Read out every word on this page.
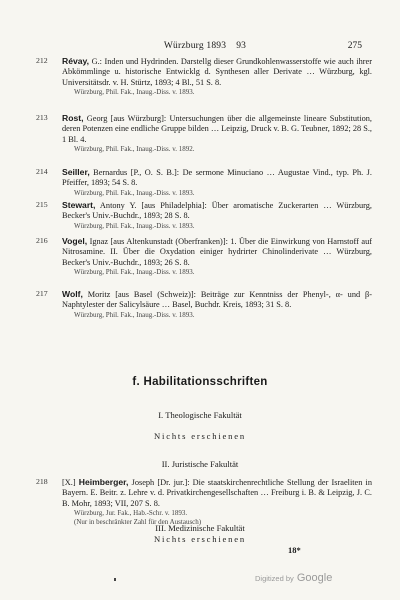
Würzburg 1893 93	275
212	Révay, G.: Inden und Hydrinden. Darstellg dieser Grundkohlenwasserstoffe wie auch ihrer Abkömmlinge u. historische Entwicklg d. Synthesen aller Derivate … Würzburg, kgl. Universitätsdr. v. H. Stürtz, 1893; 4 Bl., 51 S. 8.
Würzburg, Phil. Fak., Inaug.-Diss. v. 1893.
213	Rost, Georg [aus Würzburg]: Untersuchungen über die allgemeinste lineare Substitution, deren Potenzen eine endliche Gruppe bilden … Leipzig, Druck v. B. G. Teubner, 1892; 28 S., 1 Bl. 4.
Würzburg, Phil. Fak., Inaug.-Diss. v. 1892.
214	Seiller, Bernardus [P., O. S. B.]: De sermone Minuciano … Augustae Vind., typ. Ph. J. Pfeiffer, 1893; 54 S. 8.
Würzburg, Phil. Fak., Inaug.-Diss. v. 1893.
215	Stewart, Antony Y. [aus Philadelphia]: Über aromatische Zuckerarten … Würzburg, Becker's Univ.-Buchdr., 1893; 28 S. 8.
Würzburg, Phil. Fak., Inaug.-Diss. v. 1893.
216	Vogel, Ignaz [aus Altenkunstadt (Oberfranken)]: 1. Über die Einwirkung von Harnstoff auf Nitrosamine. II. Über die Oxydation einiger hydrirter Chinolinderivate … Würzburg, Becker's Univ.-Buchdr., 1893; 26 S. 8.
Würzburg, Phil. Fak., Inaug.-Diss. v. 1893.
217	Wolf, Moritz [aus Basel (Schweiz)]: Beiträge zur Kenntniss der Phenyl-, α- und β-Naphtylester der Salicylsäure … Basel, Buchdr. Kreis, 1893; 31 S. 8.
Würzburg, Phil. Fak., Inaug.-Diss. v. 1893.
f. Habilitationsschriften
I. Theologische Fakultät
Nichts erschienen
II. Juristische Fakultät
218	[X.] Heimberger, Joseph [Dr. jur.]: Die staatskirchenrechtliche Stellung der Israeliten in Bayern. E. Beitr. z. Lehre v. d. Privatkirchengesellschaften … Freiburg i. B. & Leipzig, J. C. B. Mohr, 1893; VII, 207 S. 8.
Würzburg, Jur. Fak., Hab.-Schr. v. 1893.
(Nur in beschränkter Zahl für den Austausch)
III. Medizinische Fakultät
Nichts erschienen
18*
Digitized by Google
